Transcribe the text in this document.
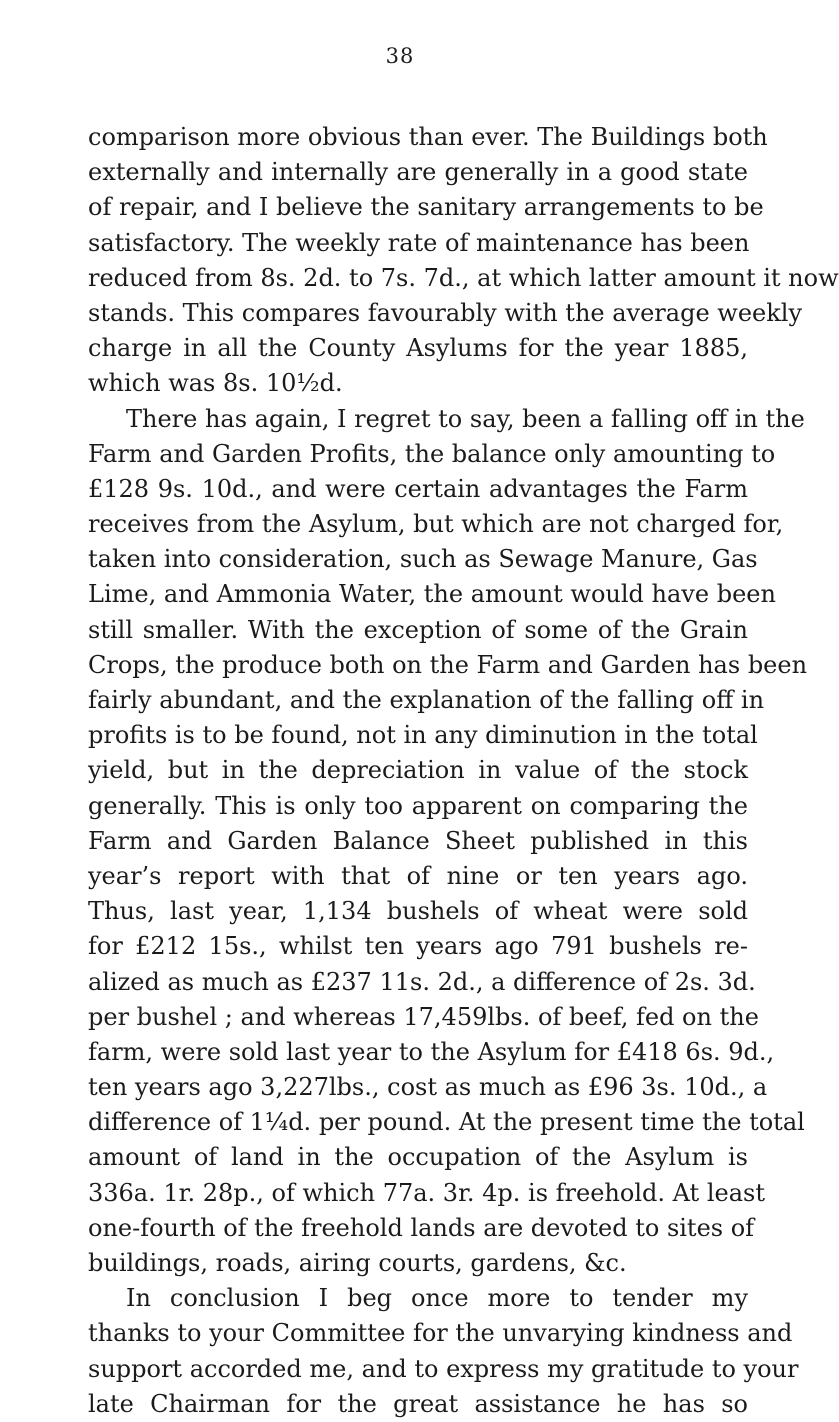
38
comparison more obvious than ever. The Buildings both
externally and internally are generally in a good state
of repair, and I believe the sanitary arrangements to be
satisfactory. The weekly rate of maintenance has been
reduced from 8s. 2d. to 7s. 7d., at which latter amount it now
stands. This compares favourably with the average weekly
charge in all the County Asylums for the year 1885,
which was 8s. 10½d.
There has again, I regret to say, been a falling off in the
Farm and Garden Profits, the balance only amounting to
£128 9s. 10d., and were certain advantages the Farm
receives from the Asylum, but which are not charged for,
taken into consideration, such as Sewage Manure, Gas
Lime, and Ammonia Water, the amount would have been
still smaller. With the exception of some of the Grain
Crops, the produce both on the Farm and Garden has been
fairly abundant, and the explanation of the falling off in
profits is to be found, not in any diminution in the total
yield, but in the depreciation in value of the stock
generally. This is only too apparent on comparing the
Farm and Garden Balance Sheet published in this
year’s report with that of nine or ten years ago.
Thus, last year, 1,134 bushels of wheat were sold
for £212 15s., whilst ten years ago 791 bushels re-
alized as much as £237 11s. 2d., a difference of 2s. 3d.
per bushel ; and whereas 17,459lbs. of beef, fed on the
farm, were sold last year to the Asylum for £418 6s. 9d.,
ten years ago 3,227lbs., cost as much as £96 3s. 10d., a
difference of 1¼d. per pound. At the present time the total
amount of land in the occupation of the Asylum is
336a. 1r. 28p., of which 77a. 3r. 4p. is freehold. At least
one-fourth of the freehold lands are devoted to sites of
buildings, roads, airing courts, gardens, &c.
In conclusion I beg once more to tender my
thanks to your Committee for the unvarying kindness and
support accorded me, and to express my gratitude to your
late Chairman for the great assistance he has so
